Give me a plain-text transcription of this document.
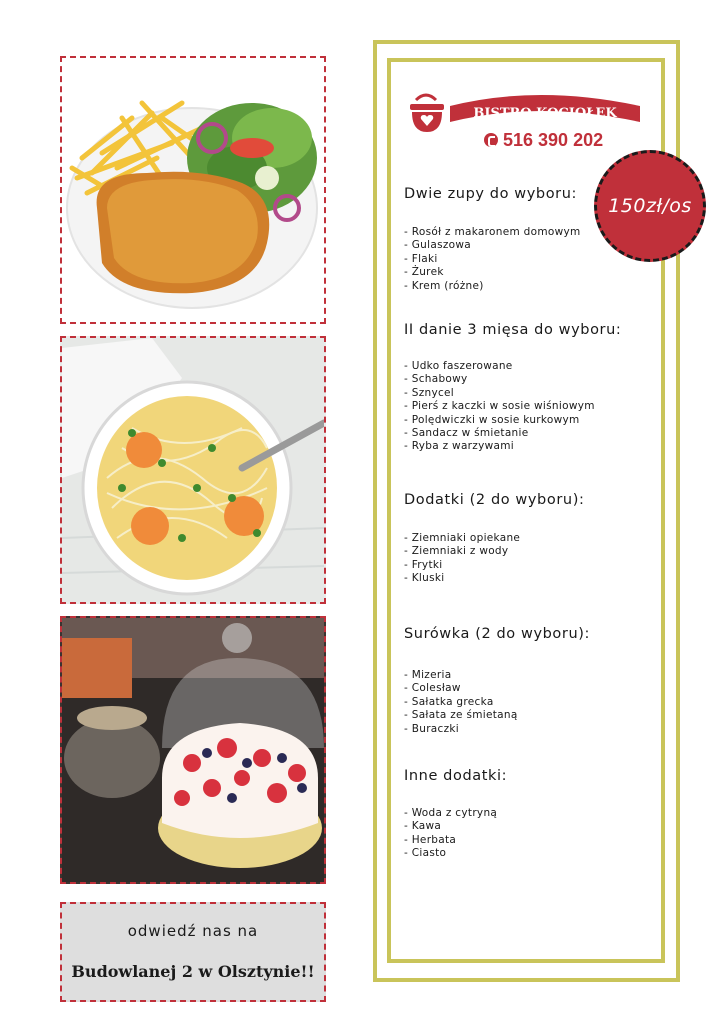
odwiedź nas na
Budowlanej 2 w Olsztynie!!
BISTRO KOCIOŁEK
516 390 202
150zł/os
Dwie zupy do wyboru:
- Rosół z makaronem domowym
- Gulaszowa
- Flaki
- Żurek
- Krem (różne)
II danie 3 mięsa do wyboru:
- Udko faszerowane
- Schabowy
- Sznycel
- Pierś z kaczki w sosie wiśniowym
- Polędwiczki w sosie kurkowym
- Sandacz w śmietanie
- Ryba z warzywami
Dodatki (2 do wyboru):
- Ziemniaki opiekane
- Ziemniaki z wody
- Frytki
- Kluski
Surówka (2 do wyboru):
- Mizeria
- Colesław
- Sałatka grecka
- Sałata ze śmietaną
- Buraczki
Inne dodatki:
- Woda z cytryną
- Kawa
- Herbata
- Ciasto
